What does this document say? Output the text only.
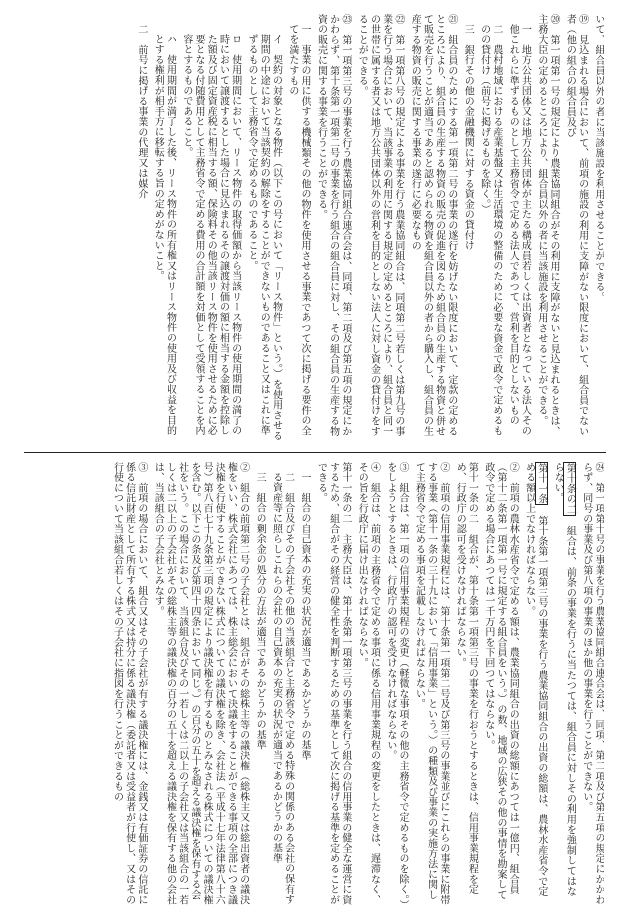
いて、組合員以外の者に当該施設を利用させることができる。

⑲　見込まれる場合において、前項の施設の利用に支障がない限度において、組合員でない者（他の組合の組合員及び

⑳　第一項第一号の規定により農業協同組合がその利用に支障がないと見込まれるときは、主務大臣の定めるところにより、組合員以外の者に当該施設を利用させることができる。

一　地方公共団体又は地方公共団体が主たる構成員若しくは出資者となっている法人その他これらに準ずるものとして主務省令で定める法人であつて、営利を目的としないもの

二　農村地域における産業基盤又は生活環境の整備のために必要な資金で政令で定めるものの貸付け（前号に掲げるものを除く。）

三　銀行その他の金融機関に対する資金の貸付け

㉑　組合員のためにする第一項第二号の事業の遂行を妨げない限度において、定款の定めるところにより、組合員の生産する物資の販売の促進を図るため組合員の生産する物資と併せて販売を行うことが適当であると認められる物資を組合員以外の者から購入し、組合員の生産する物資の販売に関する事業の遂行に必要なもの

㉒　第一項第八号の規定による事業を行う農業協同組合は、同項第二号若しくは第九号の事業を行う場合において、当該事業の利用に関する規定の定めるところにより、組合員と同一の世帯に属する者又は地方公共団体以外の営利を目的としない法人に対し資金の貸付けをすることができる。

㉓　第一項第三号の事業を行う農業協同組合連合会は、同項、第二項及び第五項の規定にかかわらず、第十条第一項第二号の事業を行う組合の組合員に対し、その組合員の生産する物資の販売に関する事業を行うことができる。

一　事業の用に供する機械類その他の物件を使用させる事業であつて次に掲げる要件の全てを満たすもの

イ　契約の対象となる物件（以下この号において「リース物件」という。）を使用させる期間の中途において当該契約の解除をすることができないものであること又はこれに準ずるものとして主務省令で定めるものであること。

ロ　使用期間において、リース物件の取得価額から当該リース物件の使用期間の満了の時において譲渡するとした場合に見込まれるその譲渡対価の額に相当する金額を控除した額及び固定資産税に相当する額、保険料その他当該リース物件を使用させるために必要となる付随費用として主務省令で定める費用の合計額を対価として受領することを内容とするものであること。

ハ　使用期間が満了した後、リース物件の所有権又はリース物件の使用及び収益を目的とする権利が相手方に移転する旨の定めがないこと。

二　前号に掲げる事業の代理又は媒介

㉔　第一項第十号の事業を行う農業協同組合連合会は、同項、第二項及び第五項の規定にかかわらず、同号の事業及び第八項の事業のほか他の事業を行うことができない。

第十条の二　組合は、前条の事業を行うに当たつては、組合員に対しその利用を強制してはならない。

第十一条　第十条第一項第三号の事業を行う農業協同組合の出資の総額は、農林水産省令で定める額以上でなければならない。

②　前項の農林水産省令で定める額は、農業協同組合の出資の総額にあつては一億円、組合員（第十二条第一項第一号に規定する組合員をいう。）の数、地域の広狭その他の事情を勘案して政令で定める場合にあつては一千万円を下回つてはならない。

第十一条の二　組合が、第十条第一項第三号の事業を行おうとするときは、信用事業規程を定め、行政庁の認可を受けなければならない。

②　前項の信用事業規程には、第十条第一項第二号及び第三号の事業並びにこれらの事業に附帯する事業（第十一条の三十九において「信用事業」という。）の種類及び事業の実施方法に関して主務省令で定める事項を記載しなければならない。

③　組合は、第一項の信用事業規程の変更（軽微な事項その他の主務省令で定めるものを除く。）をしようとするときは、行政庁の認可を受けなければならない。

④　組合は、前項の主務省令で定める事項に係る信用事業規程の変更をしたときは、遅滞なく、その旨を行政庁に届け出なければならない。

第十一条の二　主務大臣は、第十条第一項第三号の事業を行う組合の信用事業の健全な運営に資するため、組合がその経営の健全性を判断するための基準として次に掲げる基準を定めることができる。

一　組合の自己資本の充実の状況が適当であるかどうかの基準

二　組合及びその子会社その他の当該組合と主務省令で定める特殊の関係のある会社の保有する資産等に照らしこれらの会社の自己資本の充実の状況が適当であるかどうかの基準

三　組合の剰余金の処分の方法が適当であるかどうかの基準

②　組合の前項第二号の子会社とは、組合がその総株主等の議決権（総株主又は総出資者の議決権をいい、株式会社にあつては、株主総会において決議をすることができる事項の全部につき議決権を行使することができない株式についての議決権を除き、会社法（平成十七年法律第八十六号）第八百七十九条第三項の規定により議決権を有するものとみなされる株式についての議決権を含む。以下この条及び第四十四条において同じ。）の百分の五十を超える議決権を保有する会社をいう。この場合において、当該組合及びその一若しくは二以上の子会社又は当該組合の一若しくは二以上の子会社がその総株主等の議決権の百分の五十を超える議決権を保有する他の会社は、当該組合の子会社とみなす。

③　前項の場合において、組合又はその子会社が有する議決権には、金銭又は有価証券の信託に係る信託財産として所有する株式又は持分に係る議決権（委託者又は受益者が行使し、又はその行使について当該組合若しくはその子会社に指図を行うことができるもの
